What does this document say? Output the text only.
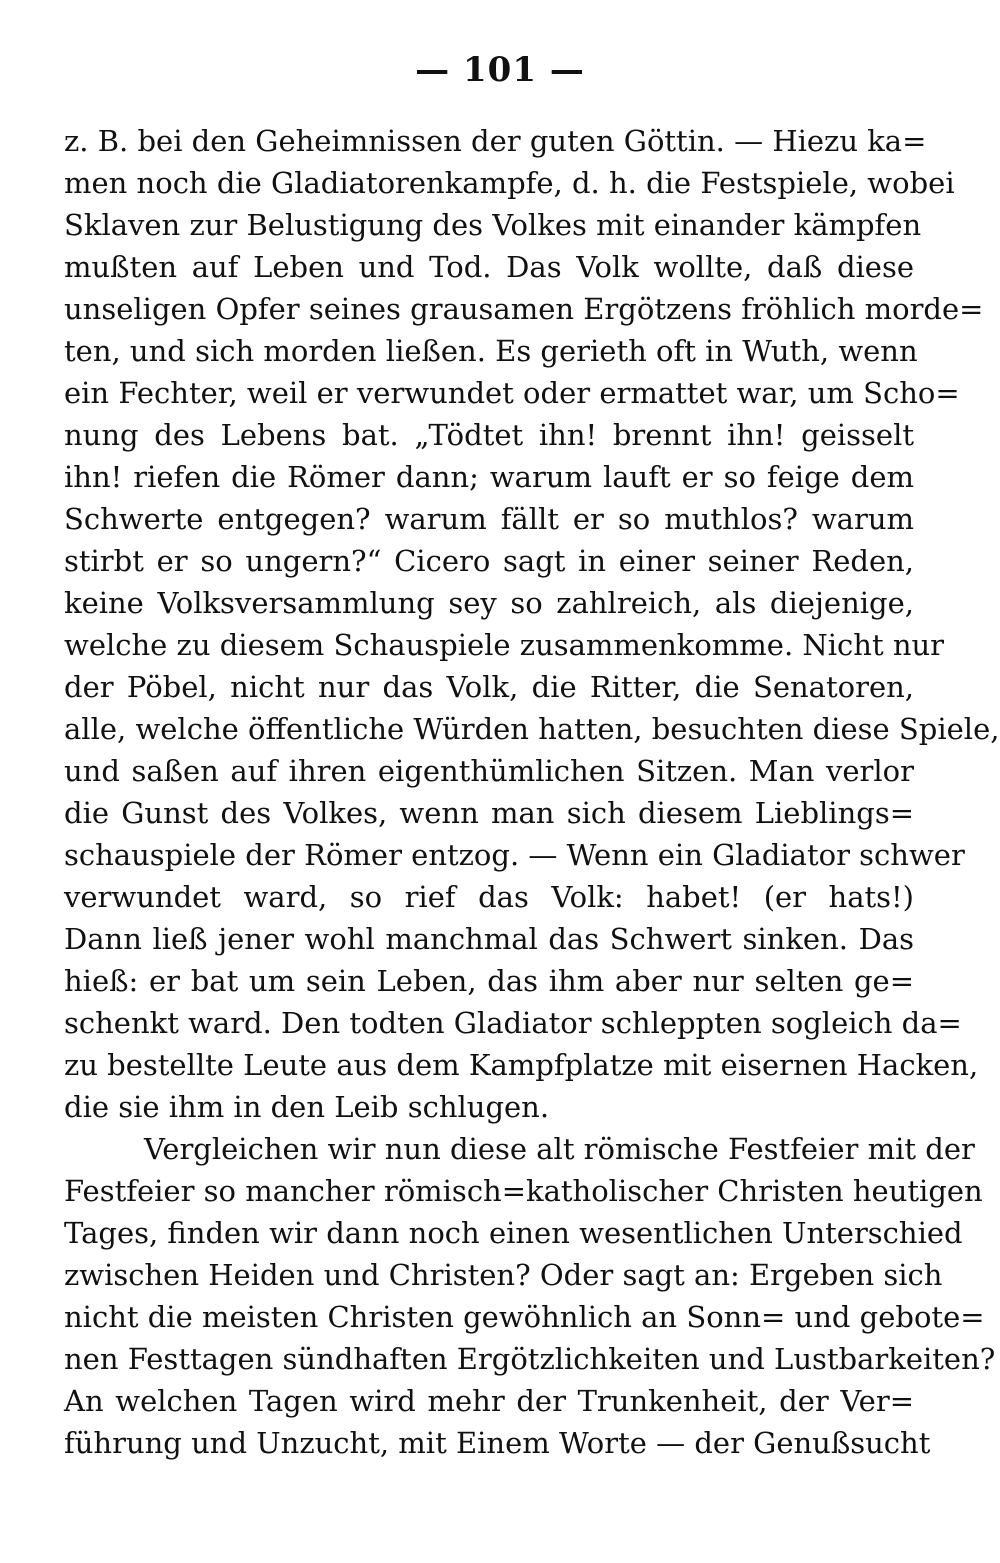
— 101 —
z. B. bei den Geheimnissen der guten Göttin. — Hiezu ka=
men noch die Gladiatorenkampfe, d. h. die Festspiele, wobei
Sklaven zur Belustigung des Volkes mit einander kämpfen
mußten auf Leben und Tod. Das Volk wollte, daß diese
unseligen Opfer seines grausamen Ergötzens fröhlich morde=
ten, und sich morden ließen. Es gerieth oft in Wuth, wenn
ein Fechter, weil er verwundet oder ermattet war, um Scho=
nung des Lebens bat. „Tödtet ihn! brennt ihn! geisselt
ihn! riefen die Römer dann; warum lauft er so feige dem
Schwerte entgegen? warum fällt er so muthlos? warum
stirbt er so ungern?“ Cicero sagt in einer seiner Reden,
keine Volksversammlung sey so zahlreich, als diejenige,
welche zu diesem Schauspiele zusammenkomme. Nicht nur
der Pöbel, nicht nur das Volk, die Ritter, die Senatoren,
alle, welche öffentliche Würden hatten, besuchten diese Spiele,
und saßen auf ihren eigenthümlichen Sitzen. Man verlor
die Gunst des Volkes, wenn man sich diesem Lieblings=
schauspiele der Römer entzog. — Wenn ein Gladiator schwer
verwundet ward, so rief das Volk: habet! (er hats!)
Dann ließ jener wohl manchmal das Schwert sinken. Das
hieß: er bat um sein Leben, das ihm aber nur selten ge=
schenkt ward. Den todten Gladiator schleppten sogleich da=
zu bestellte Leute aus dem Kampfplatze mit eisernen Hacken,
die sie ihm in den Leib schlugen.
Vergleichen wir nun diese alt römische Festfeier mit der
Festfeier so mancher römisch=katholischer Christen heutigen
Tages, finden wir dann noch einen wesentlichen Unterschied
zwischen Heiden und Christen? Oder sagt an: Ergeben sich
nicht die meisten Christen gewöhnlich an Sonn= und gebote=
nen Festtagen sündhaften Ergötzlichkeiten und Lustbarkeiten?
An welchen Tagen wird mehr der Trunkenheit, der Ver=
führung und Unzucht, mit Einem Worte — der Genußsucht
